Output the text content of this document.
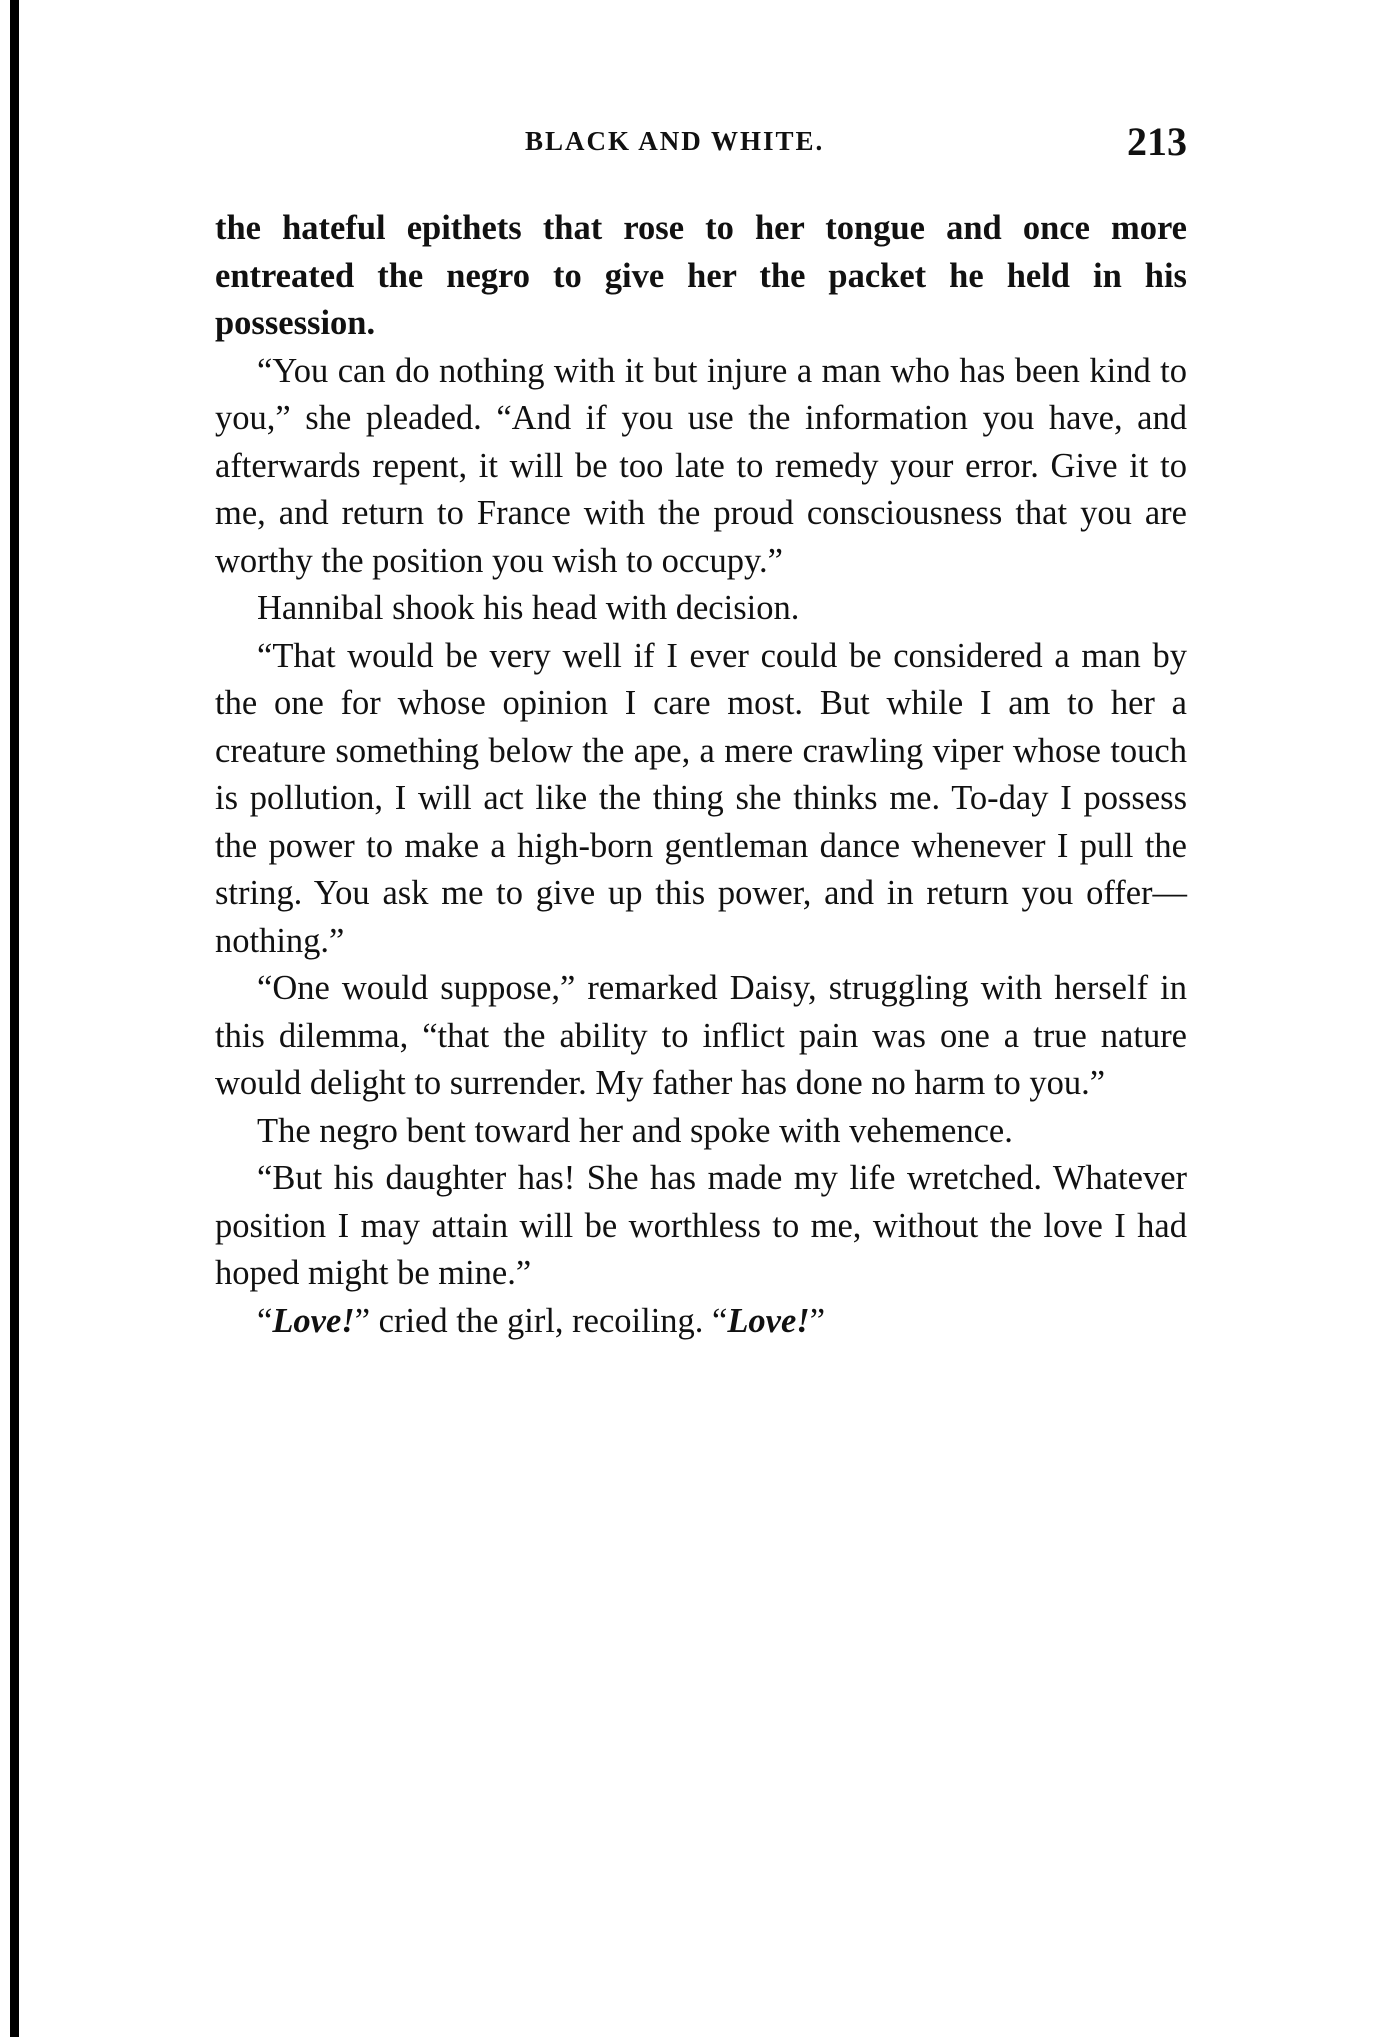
BLACK AND WHITE.	213

the hateful epithets that rose to her tongue and once more entreated the negro to give her the packet he held in his possession.

“You can do nothing with it but injure a man who has been kind to you,” she pleaded. “And if you use the information you have, and afterwards repent, it will be too late to remedy your error. Give it to me, and return to France with the proud consciousness that you are worthy the position you wish to occupy.”

Hannibal shook his head with decision.

“That would be very well if I ever could be considered a man by the one for whose opinion I care most. But while I am to her a creature something below the ape, a mere crawling viper whose touch is pollution, I will act like the thing she thinks me. To-day I possess the power to make a high-born gentleman dance whenever I pull the string. You ask me to give up this power, and in return you offer—nothing.”

“One would suppose,” remarked Daisy, struggling with herself in this dilemma, “that the ability to inflict pain was one a true nature would delight to surrender. My father has done no harm to you.”

The negro bent toward her and spoke with vehemence.

“But his daughter has! She has made my life wretched. Whatever position I may attain will be worthless to me, without the love I had hoped might be mine.”

“Love!” cried the girl, recoiling. “Love!”
